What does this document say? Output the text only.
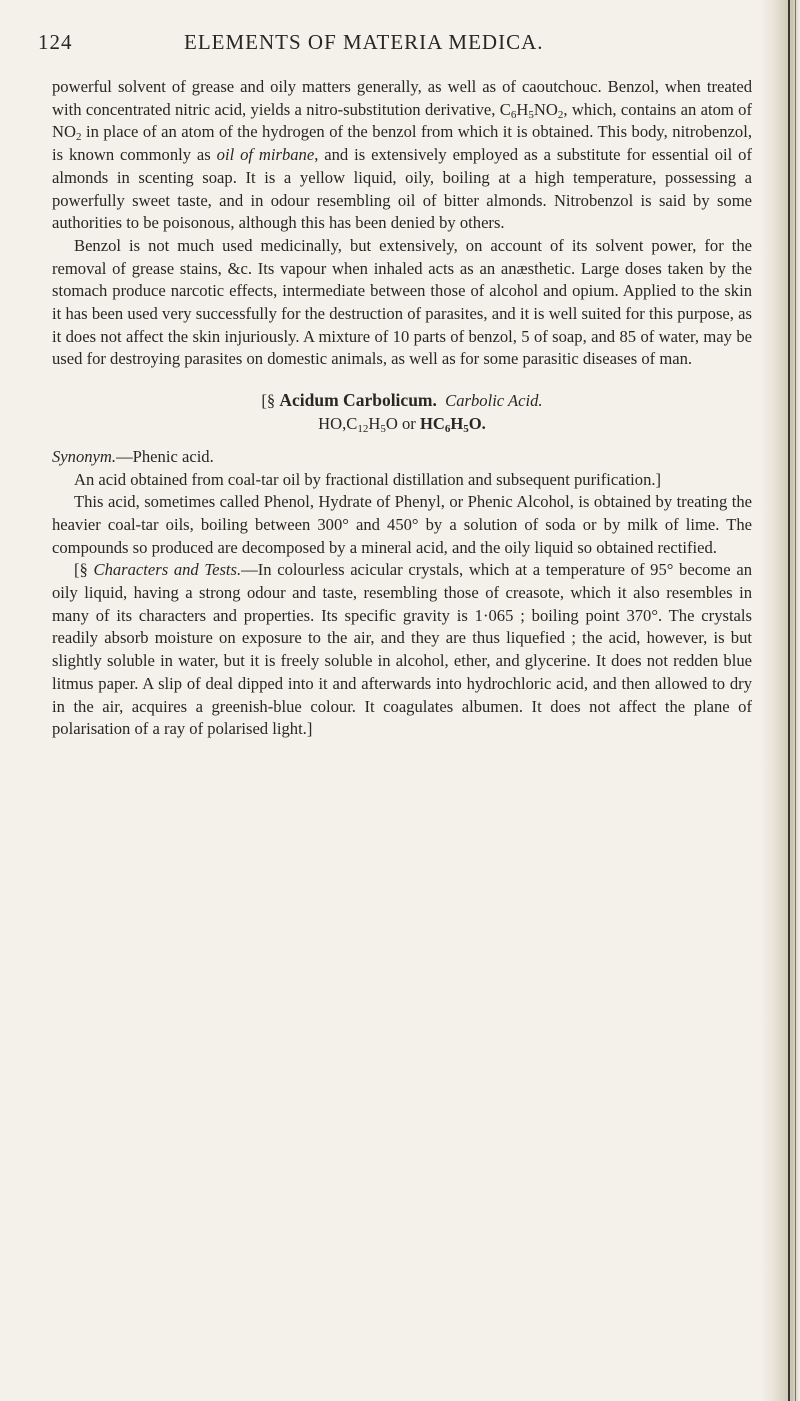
124	ELEMENTS OF MATERIA MEDICA.

powerful solvent of grease and oily matters generally, as well as of caoutchouc. Benzol, when treated with concentrated nitric acid, yields a nitro-substitution derivative, $C_6H_5NO_2$, which, contains an atom of $NO_2$ in place of an atom of the hydrogen of the benzol from which it is obtained. This body, nitrobenzol, is known commonly as oil of mirbane, and is extensively employed as a substitute for essential oil of almonds in scenting soap. It is a yellow liquid, oily, boiling at a high temperature, possessing a powerfully sweet taste, and in odour resembling oil of bitter almonds. Nitrobenzol is said by some authorities to be poisonous, although this has been denied by others.

Benzol is not much used medicinally, but extensively, on account of its solvent power, for the removal of grease stains, &c. Its vapour when inhaled acts as an anæsthetic. Large doses taken by the stomach produce narcotic effects, intermediate between those of alcohol and opium. Applied to the skin it has been used very successfully for the destruction of parasites, and it is well suited for this purpose, as it does not affect the skin injuriously. A mixture of 10 parts of benzol, 5 of soap, and 85 of water, may be used for destroying parasites on domestic animals, as well as for some parasitic diseases of man.

[§ Acidum Carbolicum. Carbolic Acid.
$HO,C_{12}H_5O$ or $HC_6H_5O$.

Synonym.—Phenic acid.

An acid obtained from coal-tar oil by fractional distillation and subsequent purification.]

This acid, sometimes called Phenol, Hydrate of Phenyl, or Phenic Alcohol, is obtained by treating the heavier coal-tar oils, boiling between 300° and 450° by a solution of soda or by milk of lime. The compounds so produced are decomposed by a mineral acid, and the oily liquid so obtained rectified.

[§ Characters and Tests.—In colourless acicular crystals, which at a temperature of 95° become an oily liquid, having a strong odour and taste, resembling those of creasote, which it also resembles in many of its characters and properties. Its specific gravity is 1·065 ; boiling point 370°. The crystals readily absorb moisture on exposure to the air, and they are thus liquefied ; the acid, however, is but slightly soluble in water, but it is freely soluble in alcohol, ether, and glycerine. It does not redden blue litmus paper. A slip of deal dipped into it and afterwards into hydrochloric acid, and then allowed to dry in the air, acquires a greenish-blue colour. It coagulates albumen. It does not affect the plane of polarisation of a ray of polarised light.]
